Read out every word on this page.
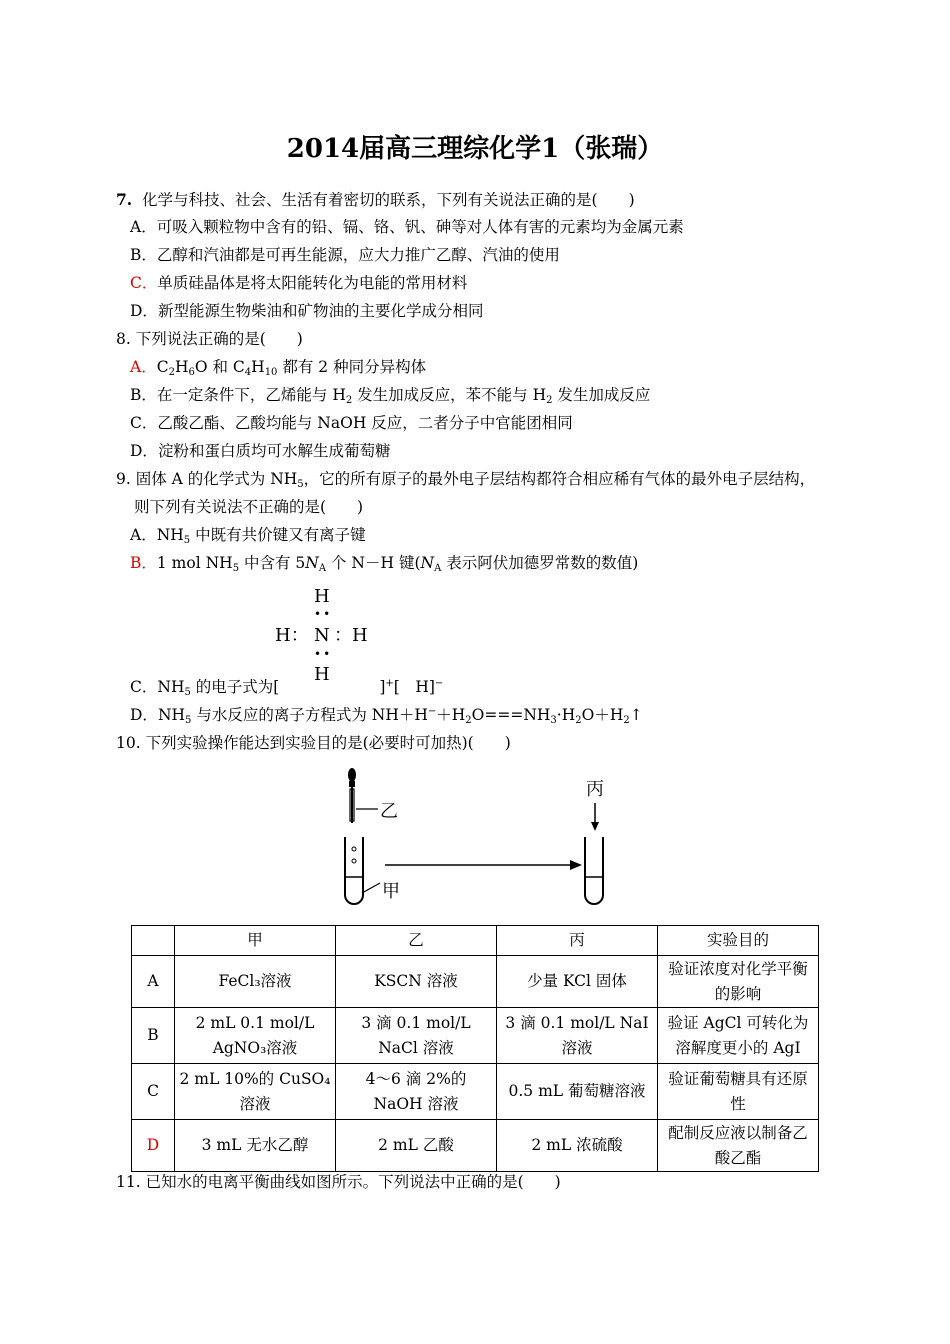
2014届高三理综化学1（张瑞）
7. 化学与科技、社会、生活有着密切的联系，下列有关说法正确的是(　　)
A．可吸入颗粒物中含有的铅、镉、铬、钒、砷等对人体有害的元素均为金属元素
B．乙醇和汽油都是可再生能源，应大力推广乙醇、汽油的使用
C．单质硅晶体是将太阳能转化为电能的常用材料
D．新型能源生物柴油和矿物油的主要化学成分相同
8. 下列说法正确的是(　　)
A．$C_2H_6O$ 和 $C_4H_{10}$ 都有 2 种同分异构体
B．在一定条件下，乙烯能与 $H_2$ 发生加成反应，苯不能与 $H_2$ 发生加成反应
C．乙酸乙酯、乙酸均能与 NaOH 反应，二者分子中官能团相同
D．淀粉和蛋白质均可水解生成葡萄糖
9. 固体 A 的化学式为 $NH_5$，它的所有原子的最外电子层结构都符合相应稀有气体的最外电子层结构，
则下列有关说法不正确的是(　　)
A．$NH_5$ 中既有共价键又有离子键
B．1 mol $NH_5$ 中含有 $5N_A$ 个 N－H 键($N_A$ 表示阿伏加德罗常数的数值)
H
••
H： N ：H
••
H
C．$NH_5$ 的电子式为[	]+[　H]−
D．$NH_5$ 与水反应的离子方程式为 $NH+H^-+H_2O===NH_3\cdot H_2O+H_2↑$
10. 下列实验操作能达到实验目的是(必要时可加热)(　　)
乙
甲
丙
	甲	乙	丙	实验目的
A	FeCl₃溶液	KSCN 溶液	少量 KCl 固体	验证浓度对化学平衡的影响
B	2 mL 0.1 mol/L AgNO₃溶液	3 滴 0.1 mol/L NaCl 溶液	3 滴 0.1 mol/L NaI 溶液	验证 AgCl 可转化为溶解度更小的 AgI
C	2 mL 10%的 CuSO₄溶液	4～6 滴 2%的 NaOH 溶液	0.5 mL 葡萄糖溶液	验证葡萄糖具有还原性
D	3 mL 无水乙醇	2 mL 乙酸	2 mL 浓硫酸	配制反应液以制备乙酸乙酯
11. 已知水的电离平衡曲线如图所示。下列说法中正确的是(　　)
